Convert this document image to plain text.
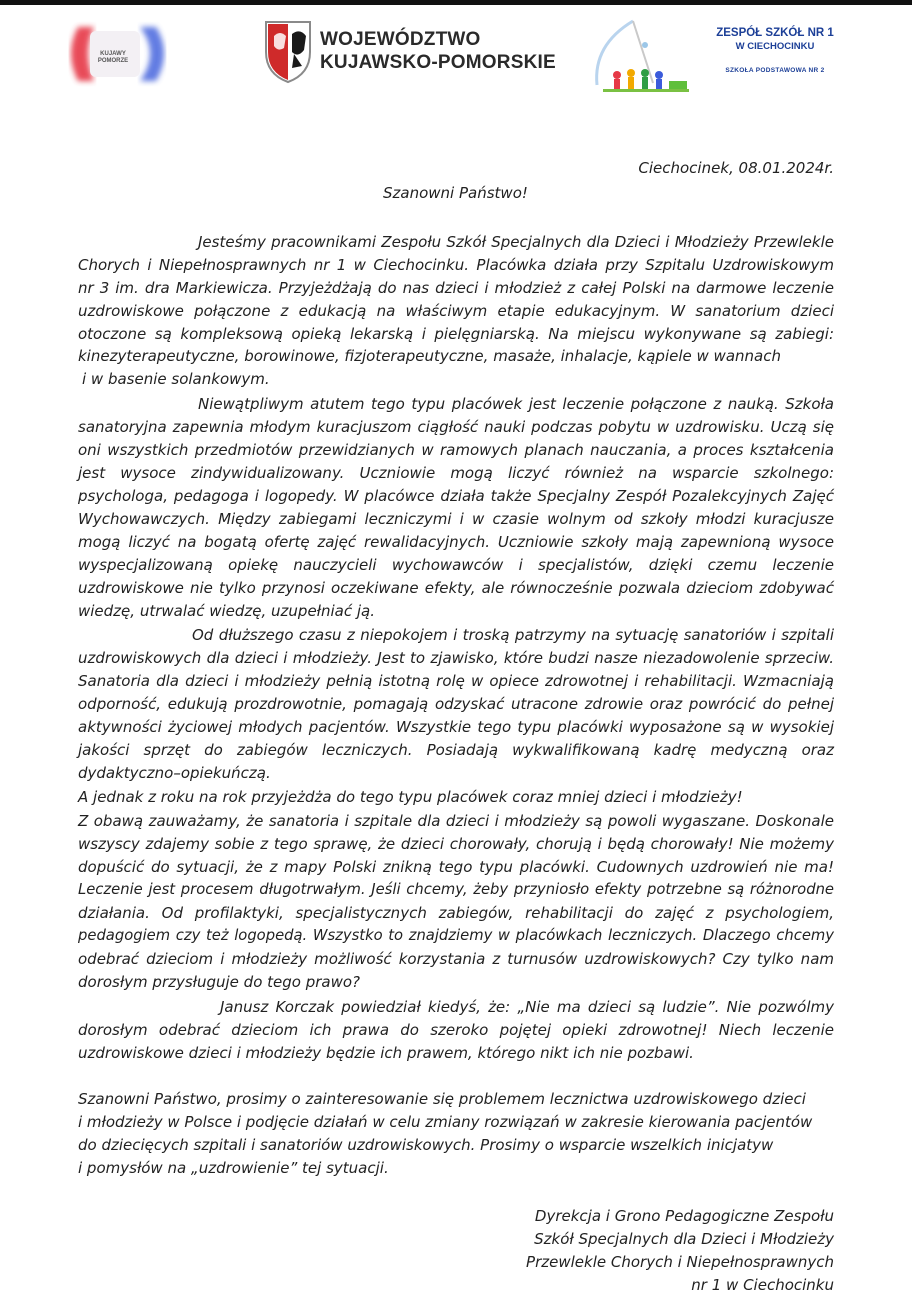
KUJAWY POMORZE
WOJEWÓDZTWO
KUJAWSKO-POMORSKIE
ZESPÓŁ SZKÓŁ NR 1
W CIECHOCINKU
SZKOŁA PODSTAWOWA NR 2
Ciechocinek, 08.01.2024r.
Szanowni Państwo!
Jesteśmy pracownikami Zespołu Szkół Specjalnych dla Dzieci i Młodzieży Przewlekle
Chorych i Niepełnosprawnych nr 1 w Ciechocinku. Placówka działa przy Szpitalu Uzdrowiskowym
nr 3 im. dra Markiewicza. Przyjeżdżają do nas dzieci i młodzież z całej Polski na darmowe leczenie
uzdrowiskowe połączone z edukacją na właściwym etapie edukacyjnym. W sanatorium dzieci
otoczone są kompleksową opieką lekarską i pielęgniarską. Na miejscu wykonywane są zabiegi:
kinezyterapeutyczne, borowinowe, fizjoterapeutyczne, masaże, inhalacje, kąpiele w wannach
i w basenie solankowym.
Niewątpliwym atutem tego typu placówek jest leczenie połączone z nauką. Szkoła
sanatoryjna zapewnia młodym kuracjuszom ciągłość nauki podczas pobytu w uzdrowisku. Uczą się
oni wszystkich przedmiotów przewidzianych w ramowych planach nauczania, a proces kształcenia
jest wysoce zindywidualizowany. Uczniowie mogą liczyć również na wsparcie szkolnego:
psychologa, pedagoga i logopedy. W placówce działa także Specjalny Zespół Pozalekcyjnych Zajęć
Wychowawczych. Między zabiegami leczniczymi i w czasie wolnym od szkoły młodzi kuracjusze
mogą liczyć na bogatą ofertę zajęć rewalidacyjnych. Uczniowie szkoły mają zapewnioną wysoce
wyspecjalizowaną opiekę nauczycieli wychowawców i specjalistów, dzięki czemu leczenie
uzdrowiskowe nie tylko przynosi oczekiwane efekty, ale równocześnie pozwala dzieciom zdobywać
wiedzę, utrwalać wiedzę, uzupełniać ją.
Od dłuższego czasu z niepokojem i troską patrzymy na sytuację sanatoriów i szpitali
uzdrowiskowych dla dzieci i młodzieży. Jest to zjawisko, które budzi nasze niezadowolenie sprzeciw.
Sanatoria dla dzieci i młodzieży pełnią istotną rolę w opiece zdrowotnej i rehabilitacji. Wzmacniają
odporność, edukują prozdrowotnie, pomagają odzyskać utracone zdrowie oraz powrócić do pełnej
aktywności życiowej młodych pacjentów. Wszystkie tego typu placówki wyposażone są w wysokiej
jakości sprzęt do zabiegów leczniczych. Posiadają wykwalifikowaną kadrę medyczną oraz
dydaktyczno–opiekuńczą.
A jednak z roku na rok przyjeżdża do tego typu placówek coraz mniej dzieci i młodzieży!
Z obawą zauważamy, że sanatoria i szpitale dla dzieci i młodzieży są powoli wygaszane. Doskonale
wszyscy zdajemy sobie z tego sprawę, że dzieci chorowały, chorują i będą chorowały! Nie możemy
dopuścić do sytuacji, że z mapy Polski znikną tego typu placówki. Cudownych uzdrowień nie ma!
Leczenie jest procesem długotrwałym. Jeśli chcemy, żeby przyniosło efekty potrzebne są różnorodne
działania. Od profilaktyki, specjalistycznych zabiegów, rehabilitacji do zajęć z psychologiem,
pedagogiem czy też logopedą. Wszystko to znajdziemy w placówkach leczniczych. Dlaczego chcemy
odebrać dzieciom i młodzieży możliwość korzystania z turnusów uzdrowiskowych? Czy tylko nam
dorosłym przysługuje do tego prawo?
Janusz Korczak powiedział kiedyś, że: „Nie ma dzieci są ludzie”. Nie pozwólmy
dorosłym odebrać dzieciom ich prawa do szeroko pojętej opieki zdrowotnej! Niech leczenie
uzdrowiskowe dzieci i młodzieży będzie ich prawem, którego nikt ich nie pozbawi.
Szanowni Państwo, prosimy o zainteresowanie się problemem lecznictwa uzdrowiskowego dzieci
i młodzieży w Polsce i podjęcie działań w celu zmiany rozwiązań w zakresie kierowania pacjentów
do dziecięcych szpitali i sanatoriów uzdrowiskowych. Prosimy o wsparcie wszelkich inicjatyw
i pomysłów na „uzdrowienie” tej sytuacji.
Dyrekcja i Grono Pedagogiczne Zespołu
Szkół Specjalnych dla Dzieci i Młodzieży
Przewlekle Chorych i Niepełnosprawnych
nr 1 w Ciechocinku
